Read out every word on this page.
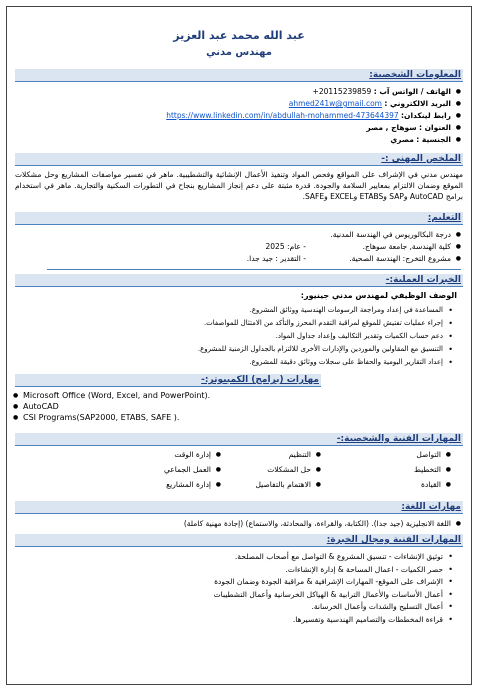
عبد الله محمد عبد العزيز
مهندس مدني
المعلومات الشخصية:
● الهاتف / الواتس آب : +20115239859
● البريد الالكتروني : ahmed241w@gmail.com
● رابط لينكدان: https://www.linkedin.com/in/abdullah-mohammed-473644397
● العنوان : سوهاج , مصر
● الجنسية : مصري
الملخص المهني :-
مهندس مدني في الإشراف على المواقع وفحص المواد وتنفيذ الأعمال الإنشائية والتشطيبية. ماهر في تفسير مواصفات المشاريع وحل مشكلات الموقع وضمان الالتزام بمعايير السلامة والجودة. قدرة مثبتة على دعم إنجاز المشاريع بنجاح في التطورات السكنية والتجارية. ماهر في استخدام برامج AutoCAD وSAP وETABS وEXCEL وSAFE.
التعليم:
● درجة البكالوريوس في الهندسة المدنية.
● كلية الهندسة, جامعة سوهاج.
- عام: 2025
● مشروع التخرج: الهندسة الصحية.
- التقدير : جيد جدا.
الخبرات العملية:-
الوصف الوظيفي لمهندس مدني جينيور:
• المساعدة في إعداد ومراجعة الرسومات الهندسية ووثائق المشروع.
• إجراء عمليات تفتيش للموقع لمراقبة التقدم المحرز والتأكد من الامتثال للمواصفات.
• دعم حساب الكميات وتقدير التكاليف وإعداد جداول المواد.
• التنسيق مع المقاولين والموردين والإدارات الأخرى للالتزام بالجداول الزمنية للمشروع.
• إعداد التقارير اليومية والحفاظ على سجلات ووثائق دقيقة للمشروع.
مهارات (برامج) الكمبيوتر:-
● Microsoft Office (Word, Excel, and PowerPoint).
● AutoCAD
● CSI Programs(SAP2000, ETABS, SAFE ).
المهارات الفنية والشخصية:-
● التواصل
● التخطيط
● القيادة
● التنظيم
● حل المشكلات
● الاهتمام بالتفاصيل
● إدارة الوقت
● العمل الجماعي
● إدارة المشاريع
مهارات اللغة:
● اللغة الانجليزية (جيد جدا). (الكتابة، والقراءة، والمحادثة، والاستماع) (إجادة مهنية كاملة)
المهارات الفنية ومجال الخبرة:
• توثيق الإنشاءات - تنسيق المشروع & التواصل مع أصحاب المصلحة.
• حصر الكميات - اعمال المساحة & إدارة الإنشاءات.
• الإشراف على الموقع- المهارات الإشرافية & مراقبة الجودة وضمان الجودة
• أعمال الأساسات والأعمال الترابية & الهياكل الخرسانية وأعمال التشطيبات
• أعمال التسليح والشدات وأعمال الخرسانة.
• قراءة المخططات والتصاميم الهندسية وتفسيرها.
